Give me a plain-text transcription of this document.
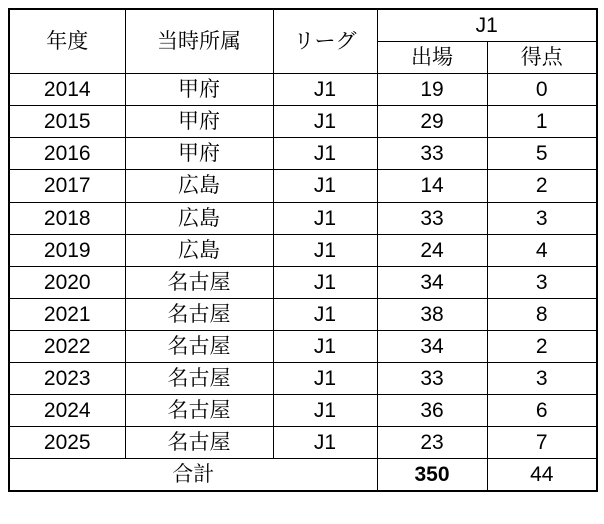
年度	当時所属	リーグ	J1	
			出場	得点
2014	甲府	J1	19	0
2015	甲府	J1	29	1
2016	甲府	J1	33	5
2017	広島	J1	14	2
2018	広島	J1	33	3
2019	広島	J1	24	4
2020	名古屋	J1	34	3
2021	名古屋	J1	38	8
2022	名古屋	J1	34	2
2023	名古屋	J1	33	3
2024	名古屋	J1	36	6
2025	名古屋	J1	23	7
合計			350	44
